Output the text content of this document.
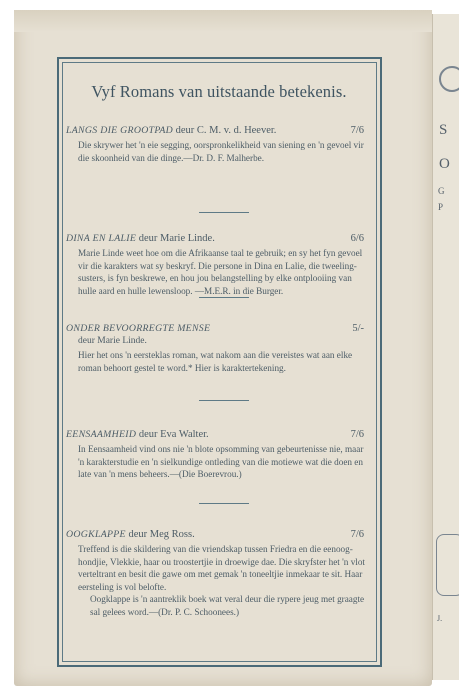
S
O
G
P
J.
Vyf Romans van uitstaande betekenis.
LANGS DIE GROOTPAD deur C. M. v. d. Heever.	7/6

Die skrywer het 'n eie segging, oorspronkelikheid van siening en 'n gevoel vir die skoonheid van die dinge.—Dr. D. F. Malherbe.

DINA EN LALIE deur Marie Linde.	6/6

Marie Linde weet hoe om die Afrikaanse taal te gebruik; en sy het fyn gevoel vir die karakters wat sy beskryf. Die persone in Dina en Lalie, die tweeling-susters, is fyn beskrewe, en hou jou belangstelling by elke ontplooiing van hulle aard en hulle lewensloop. —M.E.R. in die Burger.

ONDER BEVOORREGTE MENSE	5/-
deur Marie Linde.

Hier het ons 'n eersteklas roman, wat nakom aan die vereistes wat aan elke roman behoort gestel te word.* Hier is karaktertekening.

EENSAAMHEID deur Eva Walter.	7/6

In Eensaamheid vind ons nie 'n blote opsomming van gebeurtenisse nie, maar 'n karakterstudie en 'n sielkundige ontleding van die motiewe wat die doen en late van 'n mens beheers.—(Die Boerevrou.)

OOGKLAPPE deur Meg Ross.	7/6

Treffend is die skildering van die vriendskap tussen Friedra en die eenoog-hondjie, Vlekkie, haar ou troostertjie in droewige dae. Die skryfster het 'n vlot verteltrant en besit die gawe om met gemak 'n toneeltjie inmekaar te sit. Haar eersteling is vol belofte.

Oogklappe is 'n aantreklik boek wat veral deur die rypere jeug met graagte sal gelees word.—(Dr. P. C. Schoonees.)
